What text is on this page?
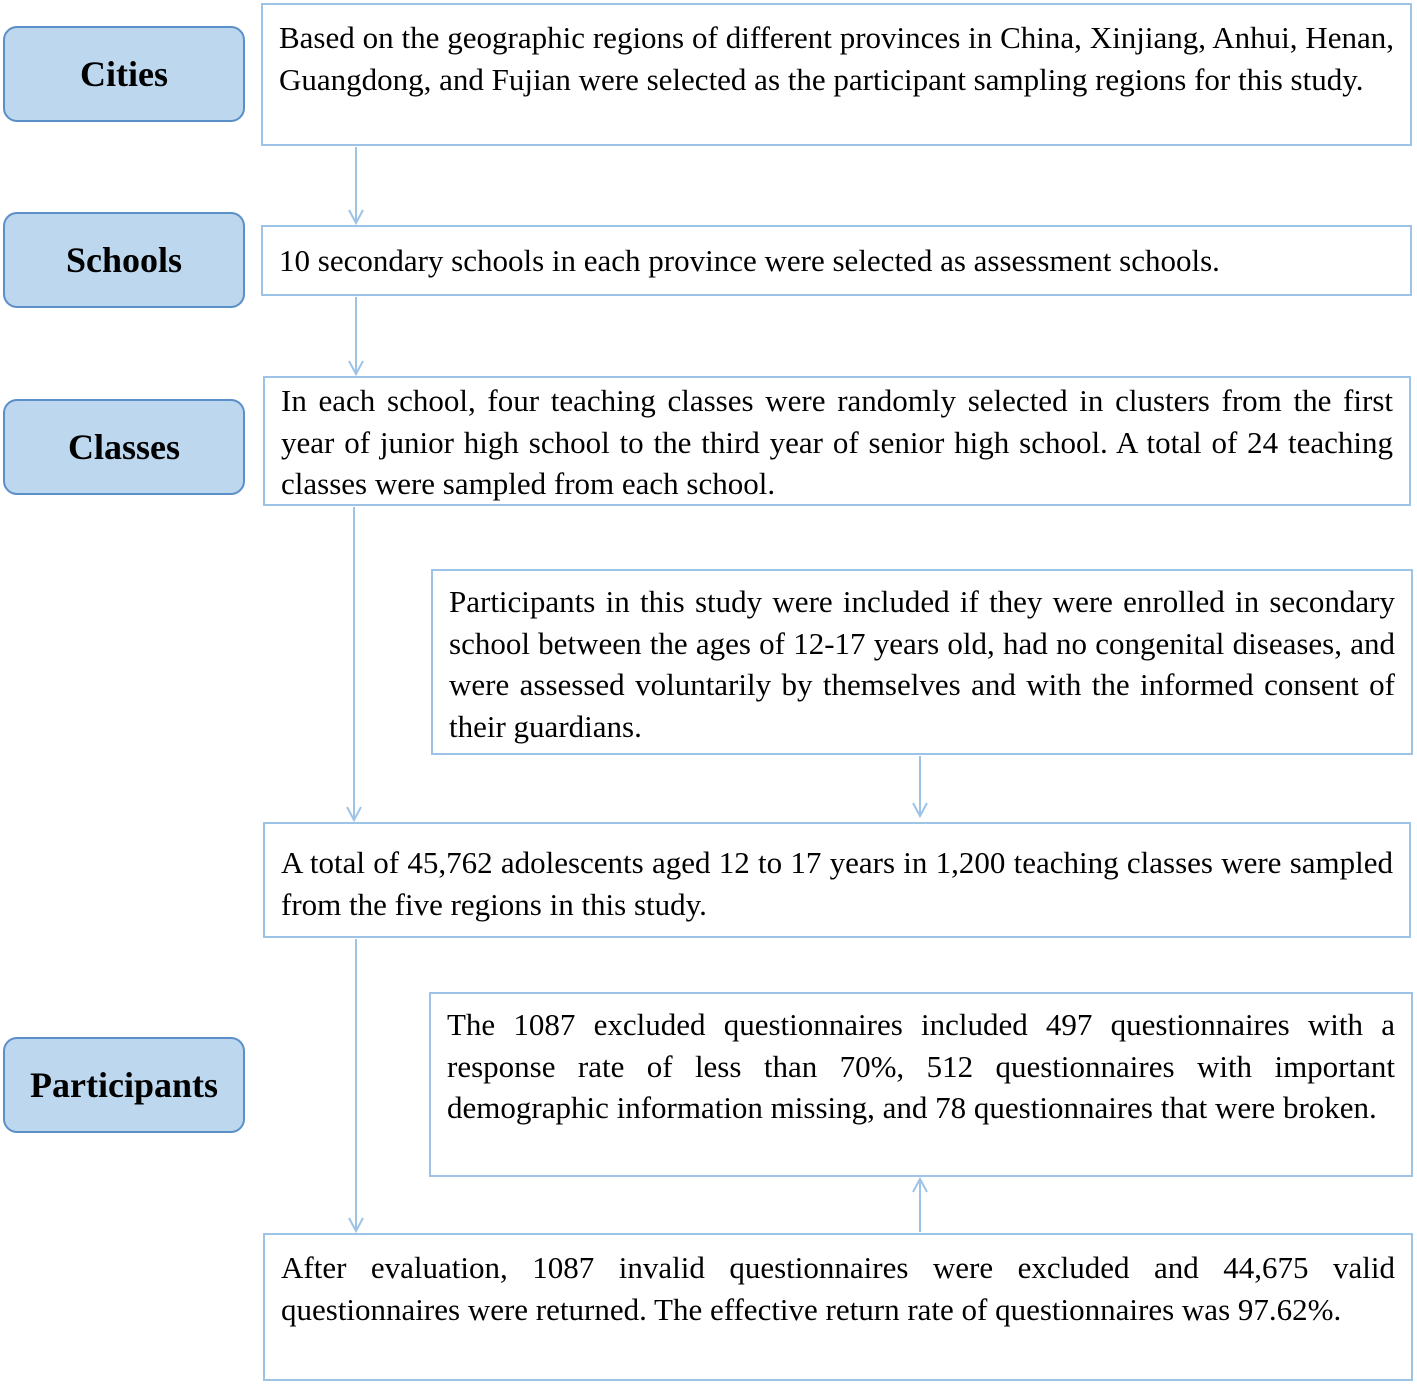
Cities
Schools
Classes
Participants
Based on the geographic regions of different provinces in China, Xinjiang, Anhui, Henan, Guangdong, and Fujian were selected as the participant sampling regions for this study.
10 secondary schools in each province were selected as assessment schools.
In each school, four teaching classes were randomly selected in clusters from the first year of junior high school to the third year of senior high school. A total of 24 teaching classes were sampled from each school.
Participants in this study were included if they were enrolled in secondary school between the ages of 12-17 years old, had no congenital diseases, and were assessed voluntarily by themselves and with the informed consent of their guardians.
A total of 45,762 adolescents aged 12 to 17 years in 1,200 teaching classes were sampled from the five regions in this study.
The 1087 excluded questionnaires included 497 questionnaires with a response rate of less than 70%, 512 questionnaires with important demographic information missing, and 78 questionnaires that were broken.
After evaluation, 1087 invalid questionnaires were excluded and 44,675 valid questionnaires were returned. The effective return rate of questionnaires was 97.62%.
